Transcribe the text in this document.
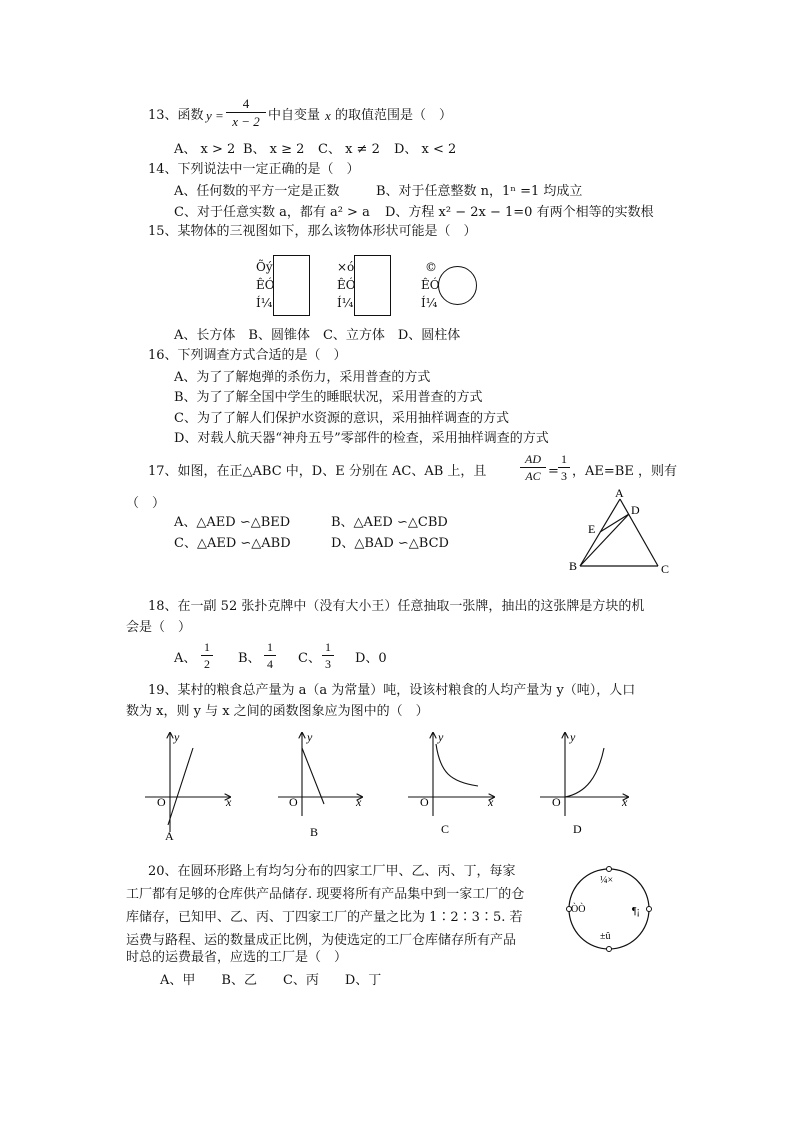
13、函数 $y = \frac{4}{x - 2}$ 中自变量 x 的取值范围是（　）
A、 x > 2 B、 x ≥ 2 C、 x ≠ 2 D、 x < 2
14、下列说法中一定正确的是（　）
A、任何数的平方一定是正数	B、对于任意整数 n，1ⁿ =1 均成立
C、对于任意实数 a，都有 a² > a D、方程 x² − 2x − 1=0 有两个相等的实数根
15、某物体的三视图如下，那么该物体形状可能是（　）
Õý
ÊÓ
Í¼
×ó
ÊÓ
Í¼
©
ÊÓ
Í¼
A、长方体　B、圆锥体　C、立方体　D、圆柱体
16、下列调查方式合适的是（　）
A、为了了解炮弹的杀伤力，采用普查的方式
B、为了了解全国中学生的睡眠状况，采用普查的方式
C、为了了解人们保护水资源的意识，采用抽样调查的方式
D、对载人航天器“神舟五号”零部件的检查，采用抽样调查的方式
17、如图，在正△ABC 中，D、E 分别在 AC、AB 上，且	$\frac{AD}{AC} = \frac{1}{3}$ ，AE=BE ，则有
（　）
A、△AED ∽△BED	B、△AED ∽△CBD
C、△AED ∽△ABD	D、△BAD ∽△BCD
A
D
E
B	C
18、在一副 52 张扑克牌中（没有大小王）任意抽取一张牌，抽出的这张牌是方块的机
会是（　）
A、 $\frac{1}{2}$ B、 $\frac{1}{4}$ C、 $\frac{1}{3}$ D、0
19、某村的粮食总产量为 a（a 为常量）吨，设该村粮食的人均产量为 y（吨），人口
数为 x，则 y 与 x 之间的函数图象应为图中的（　）
y
x
O
A
y
x
O
B
y
x
O
C
y
x
O
D
20、在圆环形路上有均匀分布的四家工厂甲、乙、丙、丁，每家
工厂都有足够的仓库供产品储存. 现要将所有产品集中到一家工厂的仓
库储存，已知甲、乙、丙、丁四家工厂的产量之比为 1∶2∶3∶5. 若
运费与路程、运的数量成正比例，为使选定的工厂仓库储存所有产品
时总的运费最省，应选的工厂是（　）
A、甲　　B、乙　　C、丙　　D、丁
¼×
ÒÒ	¶¡
±û
